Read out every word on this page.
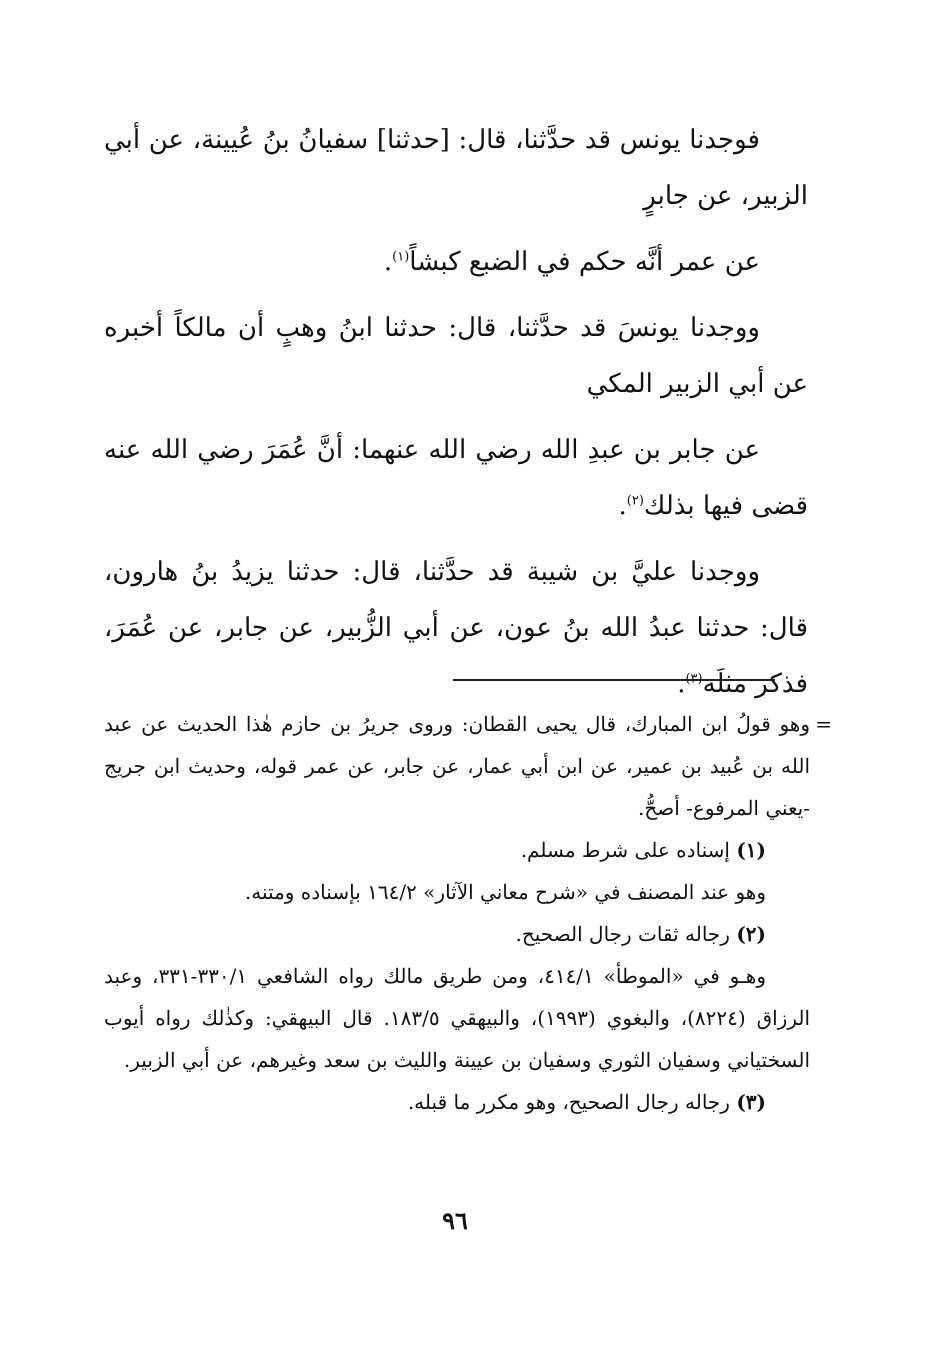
فوجدنا يونس قد حدَّثنا، قال: [حدثنا] سفيانُ بنُ عُيينة، عن أبي الزبير، عن جابرٍ

عن عمر أنَّه حكم في الضبع كبشاً$^{(١)}$.

ووجدنا يونسَ قد حدَّثنا، قال: حدثنا ابنُ وهبٍ أن مالكاً أخبره عن أبي الزبير المكي

عن جابر بن عبدِ الله رضي الله عنهما: أنَّ عُمَرَ رضي الله عنه قضى فيها بذلك$^{(٢)}$.

ووجدنا عليَّ بن شيبة قد حدَّثنا، قال: حدثنا يزيدُ بنُ هارون، قال: حدثنا عبدُ الله بنُ عون، عن أبي الزُّبير، عن جابر، عن عُمَرَ، فذكر مثلَه$^{(٣)}$.

=
وهو قولُ ابن المبارك، قال يحيى القطان: وروى جريرُ بن حازم هٰذا الحديث عن عبد الله بن عُبيد بن عمير، عن ابن أبي عمار، عن جابر، عن عمر قوله، وحديث ابن جريج -يعني المرفوع- أصحُّ.

(١) إسناده على شرط مسلم.

وهو عند المصنف في «شرح معاني الآثار» ١٦٤/٢ بإسناده ومتنه.

(٢) رجاله ثقات رجال الصحيح.

وهـو في «الموطأ» ٤١٤/١، ومن طريق مالك رواه الشافعي ٣٣٠/١-٣٣١، وعبد الرزاق (٨٢٢٤)، والبغوي (١٩٩٣)، والبيهقي ١٨٣/٥. قال البيهقي: وكذٰلك رواه أيوب السختياني وسفيان الثوري وسفيان بن عيينة والليث بن سعد وغيرهم، عن أبي الزبير.

(٣) رجاله رجال الصحيح، وهو مكرر ما قبله.

٩٦
